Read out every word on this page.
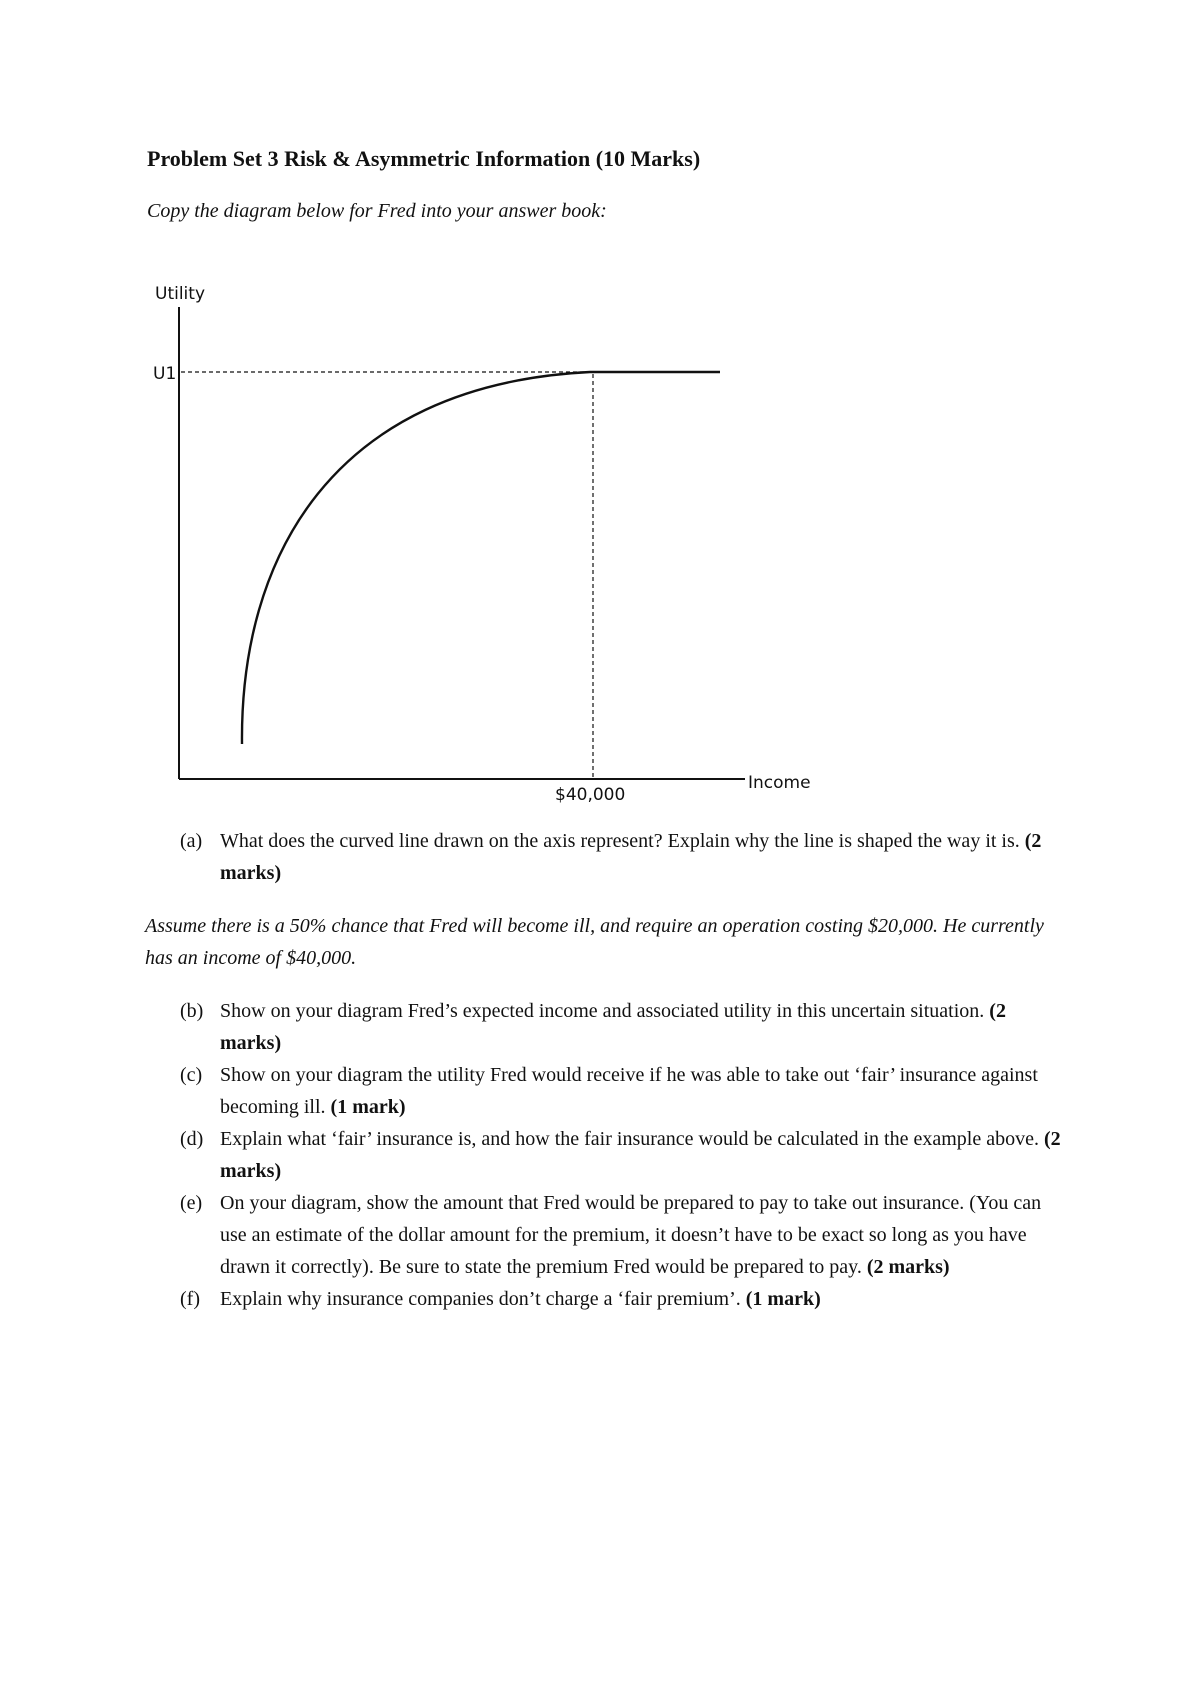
Problem Set 3 Risk & Asymmetric Information (10 Marks)

Copy the diagram below for Fred into your answer book:

Utility
U1
Income
$40,000

(a) What does the curved line drawn on the axis represent? Explain why the line is shaped the way it is. (2 marks)

Assume there is a 50% chance that Fred will become ill, and require an operation costing $20,000. He currently has an income of $40,000.

(b) Show on your diagram Fred’s expected income and associated utility in this uncertain situation. (2 marks)
(c) Show on your diagram the utility Fred would receive if he was able to take out ‘fair’ insurance against becoming ill. (1 mark)
(d) Explain what ‘fair’ insurance is, and how the fair insurance would be calculated in the example above. (2 marks)
(e) On your diagram, show the amount that Fred would be prepared to pay to take out insurance. (You can use an estimate of the dollar amount for the premium, it doesn’t have to be exact so long as you have drawn it correctly). Be sure to state the premium Fred would be prepared to pay. (2 marks)
(f) Explain why insurance companies don’t charge a ‘fair premium’. (1 mark)
